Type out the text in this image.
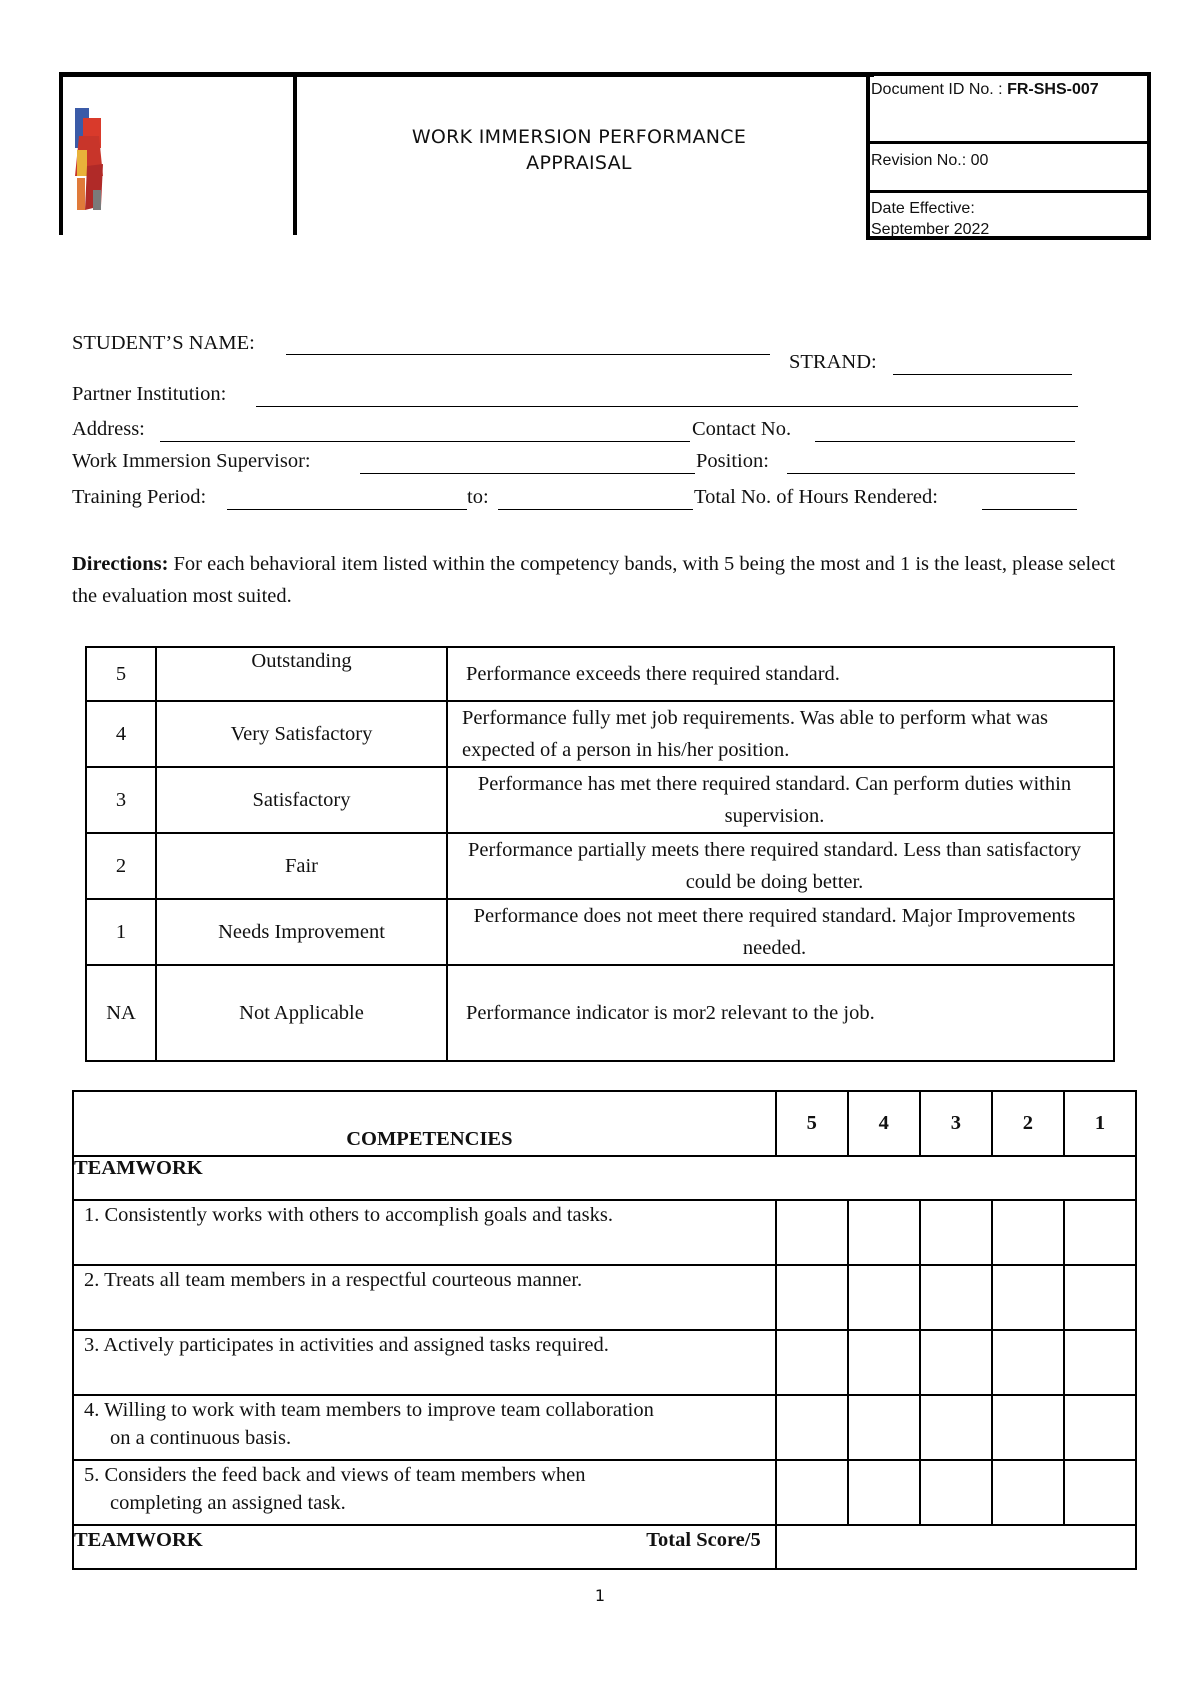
WORK IMMERSION PERFORMANCE APPRAISAL
Document ID No. : FR-SHS-007
Revision No.: 00
Date Effective:
September 2022
STUDENT’S NAME:
STRAND:
Partner Institution:
Address:	Contact No.
Work Immersion Supervisor:	Position:
Training Period:	to:	Total No. of Hours Rendered:
Directions: For each behavioral item listed within the competency bands, with 5 being the most and 1 is the least, please select the evaluation most suited.
5	Outstanding	Performance exceeds there required standard.
4	Very Satisfactory	Performance fully met job requirements. Was able to perform what was expected of a person in his/her position.
3	Satisfactory	Performance has met there required standard. Can perform duties within supervision.
2	Fair	Performance partially meets there required standard. Less than satisfactory could be doing better.
1	Needs Improvement	Performance does not meet there required standard. Major Improvements needed.
NA	Not Applicable	Performance indicator is mor2 relevant to the job.
COMPETENCIES	5	4	3	2	1
TEAMWORK					
1. Consistently works with others to accomplish goals and tasks.					
2. Treats all team members in a respectful courteous manner.					
3. Actively participates in activities and assigned tasks required.					
4. Willing to work with team members to improve team collaboration
on a continuous basis.					

5. Considers the feed back and views of team members when
completing an assigned task.					

TEAMWORK Total Score/5					

1
